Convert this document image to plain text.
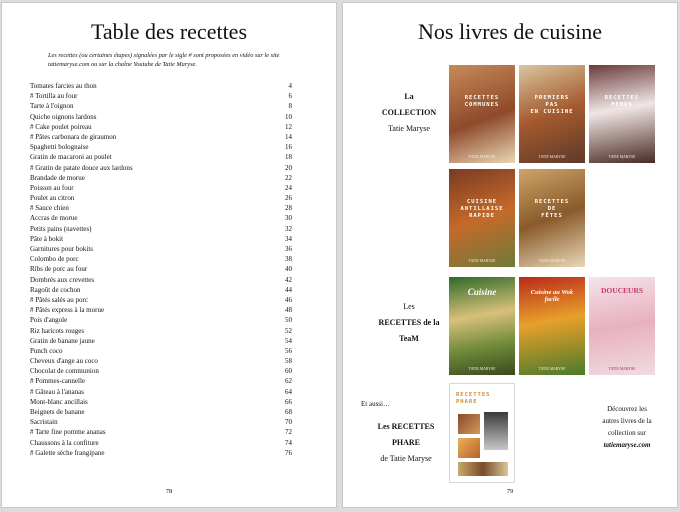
Table des recettes
Les recettes (ou certaines étapes) signalées par le sigle # sont proposées en vidéo sur le site tatiemaryse.com ou sur la chaîne Youtube de Tatie Maryse.
Tomates farcies au thon	4
# Tortilla au four	6
Tarte à l'oignon	8
Quiche oignons lardons	10
# Cake poulet poireau	12
# Pâtes carbonara de giraumon	14
Spaghetti bolognaise	16
Gratin de macaroni au poulet	18
# Gratin de patate douce aux lardons	20
Brandade de morue	22
Poisson au four	24
Poulet au citron	26
# Sauce chien	28
Accras de morue	30
Petits pains (navettes)	32
Pâte à bokit	34
Garnitures pour bokits	36
Colombo de porc	38
Ribs de porc au four	40
Dombrés aux crevettes	42
Ragoût de cochon	44
# Pâtés salés au porc	46
# Pâtés express à la morue	48
Pois d'angole	50
Riz haricots rouges	52
Gratin de banane jaune	54
Punch coco	56
Cheveux d'ange au coco	58
Chocolat de communion	60
# Pommes-cannelle	62
# Gâteau à l'ananas	64
Mont-blanc ancillais	66
Beignets de banane	68
Sacristain	70
# Tarte fine pomme ananas	72
Chaussons à la confiture	74
# Galette sèche frangipane	76
78
Nos livres de cuisine
La
COLLECTION
Tatie Maryse
RECETTES
COMMUNES
TATIE MARYSE
PREMIERS
PAS
EN CUISINE
TATIE MARYSE
RECETTES
MENUS
TATIE MARYSE
CUISINE
ANTILLAISE
RAPIDE
TATIE MARYSE
RECETTES
DE
FÊTES
TATIE MARYSE
Les
RECETTES de la
TeaM
Cuisine
TATIE MARYSE
Cuisine au Wok
facile
TATIE MARYSE
DOUCEURS
TATIE MARYSE
Et aussi…
Les RECETTES
PHARE
de Tatie Maryse
RECETTES
PHARE
Découvrez les
autres livres de la
collection sur
tatiemaryse.com
79
